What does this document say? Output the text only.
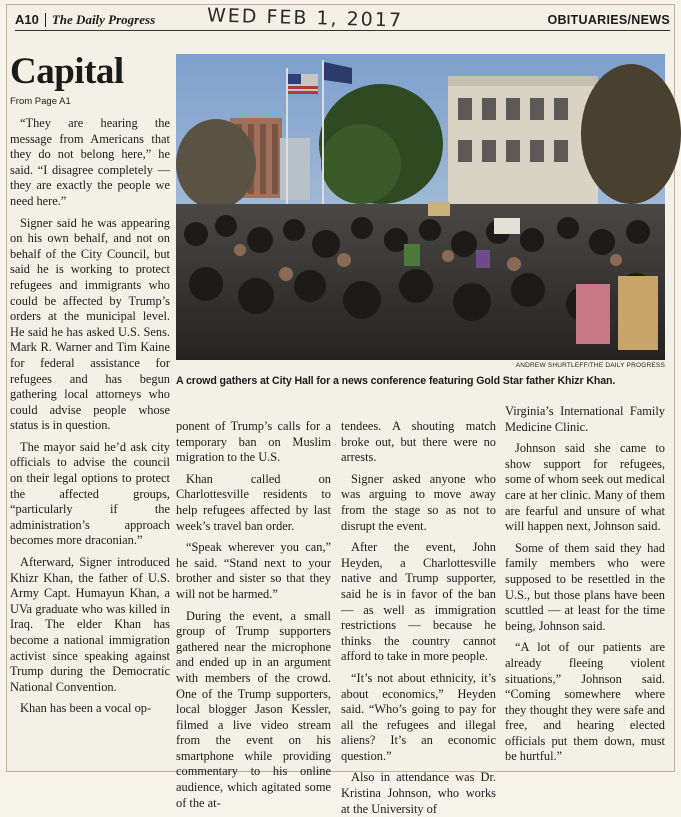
A10 The Daily Progress	WED FEB 1, 2017	OBITUARIES/NEWS
Capital
From Page A1

“They are hearing the message from Americans that they do not belong here,” he said. “I disagree completely — they are exactly the people we need here.”

Signer said he was appearing on his own behalf, and not on behalf of the City Council, but said he is working to protect refugees and immigrants who could be affected by Trump’s orders at the municipal level. He said he has asked U.S. Sens. Mark R. Warner and Tim Kaine for federal assistance for refugees and has begun gathering local attorneys who could advise people whose status is in question.

The mayor said he’d ask city officials to advise the council on their legal options to protect the affected groups, “particularly if the administration’s approach becomes more draconian.”

Afterward, Signer introduced Khizr Khan, the father of U.S. Army Capt. Humayun Khan, a UVa graduate who was killed in Iraq. The elder Khan has become a national immigration activist since speaking against Trump during the Democratic National Convention.

Khan has been a vocal op-

ANDREW SHURTLEFF/THE DAILY PROGRESS
A crowd gathers at City Hall for a news conference featuring Gold Star father Khizr Khan.

ponent of Trump’s calls for a temporary ban on Muslim migration to the U.S.

Khan called on Charlottesville residents to help refugees affected by last week’s travel ban order.

“Speak wherever you can,” he said. “Stand next to your brother and sister so that they will not be harmed.”

During the event, a small group of Trump supporters gathered near the microphone and ended up in an argument with members of the crowd. One of the Trump supporters, local blogger Jason Kessler, filmed a live video stream from the event on his smartphone while providing commentary to his online audience, which agitated some of the at-

tendees. A shouting match broke out, but there were no arrests.

Signer asked anyone who was arguing to move away from the stage so as not to disrupt the event.

After the event, John Heyden, a Charlottesville native and Trump supporter, said he is in favor of the ban — as well as immigration restrictions — because he thinks the country cannot afford to take in more people.

“It’s not about ethnicity, it’s about economics,” Heyden said. “Who’s going to pay for all the refugees and illegal aliens? It’s an economic question.”

Also in attendance was Dr. Kristina Johnson, who works at the University of

Virginia’s International Family Medicine Clinic.

Johnson said she came to show support for refugees, some of whom seek out medical care at her clinic. Many of them are fearful and unsure of what will happen next, Johnson said.

Some of them said they had family members who were supposed to be resettled in the U.S., but those plans have been scuttled — at least for the time being, Johnson said.

“A lot of our patients are already fleeing violent situations,” Johnson said. “Coming somewhere where they thought they were safe and free, and hearing elected officials put them down, must be hurtful.”
